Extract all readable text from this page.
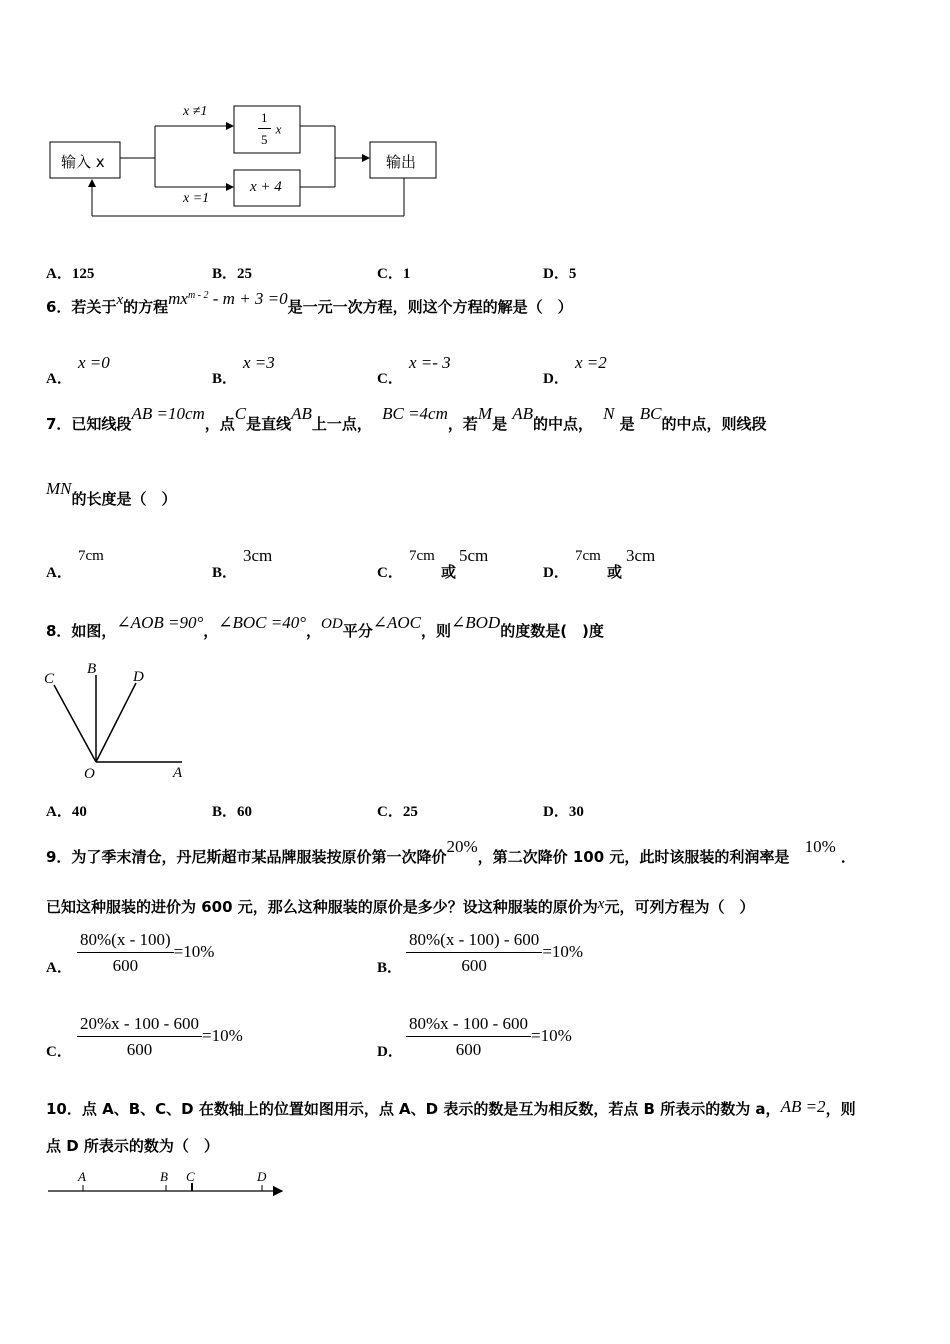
输入 x	输出
x ≠1
x =1
$\frac{1}{5}$ x
x + 4
A．125	B．25	C．1	D．5
6．若关于x的方程$mx^{m - 2} - m + 3 =0$是一元一次方程，则这个方程的解是（　）
A．
x =0
B．
x =3
C．
x =- 3
D．
x =2
7．已知线段AB =10cm，点C是直线AB上一点，  BC =4cm，若M是 AB的中点，  N 是 BC的中点，则线段
MN的长度是（　）
A．
7cm
B．
3cm
C．
7cm
或
5cm
D．
7cm
或
3cm
8．如图，∠AOB =90°，∠BOC =40°，OD平分∠AOC，则∠BOD的度数是(　)度
C
B D
O	A
A．40	B．60	C．25	D．30
9．为了季末清仓，丹尼斯超市某品牌服装按原价第一次降价20%，第二次降价 100 元，此时该服装的利润率是   10% ．
已知这种服装的进价为 600 元，那么这种服装的原价是多少？设这种服装的原价为x元，可列方程为（　）
A． $\frac{80\%(x - 100)}{600} =10\%$
B． $\frac{80\%(x - 100) - 600}{600} =10\%$
C． $\frac{20\%x - 100 - 600}{600} =10\%$
D． $\frac{80\%x - 100 - 600}{600} =10\%$
10．点 A、B、C、D 在数轴上的位置如图用示，点 A、D 表示的数是互为相反数，若点 B 所表示的数为 a，AB =2，则
点 D 所表示的数为（　）
A	B C	D
